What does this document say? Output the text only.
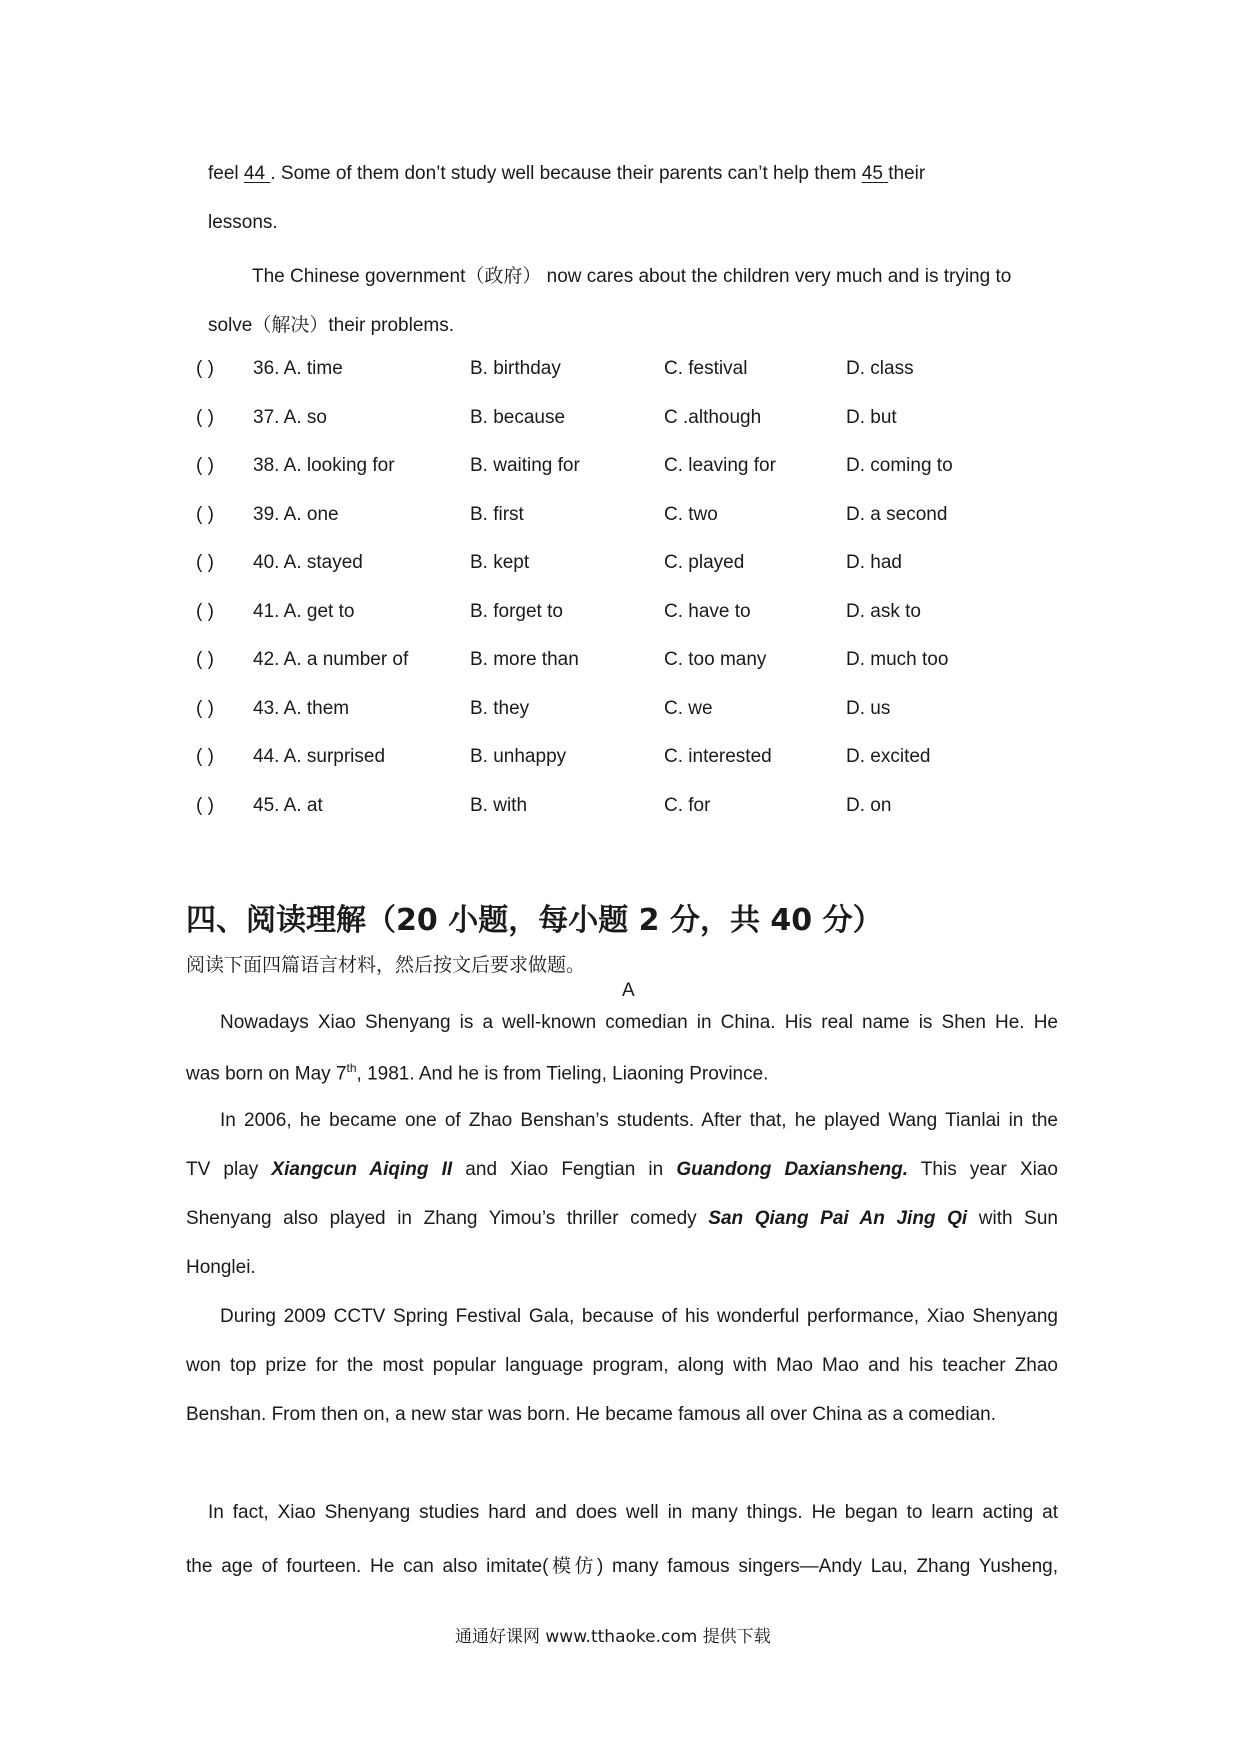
feel 44 . Some of them don’t study well because their parents can’t help them 45 their
lessons.
The Chinese government（政府） now cares about the children very much and is trying to
solve（解决）their problems.
( ) 36. A. time	B. birthday	C. festival	D. class
( ) 37. A. so	B. because	C .although	D. but
( ) 38. A. looking for	B. waiting for	C. leaving for	D. coming to
( ) 39. A. one	B. first	C. two	D. a second
( ) 40. A. stayed	B. kept	C. played	D. had
( ) 41. A. get to	B. forget to	C. have to	D. ask to
( ) 42. A. a number of	B. more than	C. too many	D. much too
( ) 43. A. them	B. they	C. we	D. us
( ) 44. A. surprised	B. unhappy	C. interested	D. excited
( ) 45. A. at	B. with	C. for	D. on
四、阅读理解（20 小题，每小题 2 分，共 40 分）
阅读下面四篇语言材料，然后按文后要求做题。
A
Nowadays Xiao Shenyang is a well-known comedian in China. His real name is Shen He. He
was born on May 7th, 1981. And he is from Tieling, Liaoning Province.
In 2006, he became one of Zhao Benshan’s students. After that, he played Wang Tianlai in the
TV play Xiangcun Aiqing II and Xiao Fengtian in Guandong Daxiansheng. This year Xiao
Shenyang also played in Zhang Yimou’s thriller comedy San Qiang Pai An Jing Qi with Sun
Honglei.
During 2009 CCTV Spring Festival Gala, because of his wonderful performance, Xiao Shenyang
won top prize for the most popular language program, along with Mao Mao and his teacher Zhao
Benshan. From then on, a new star was born. He became famous all over China as a comedian.
In fact, Xiao Shenyang studies hard and does well in many things. He began to learn acting at
the age of fourteen. He can also imitate(模仿) many famous singers—Andy Lau, Zhang Yusheng,
通通好课网 www.tthaoke.com 提供下载
